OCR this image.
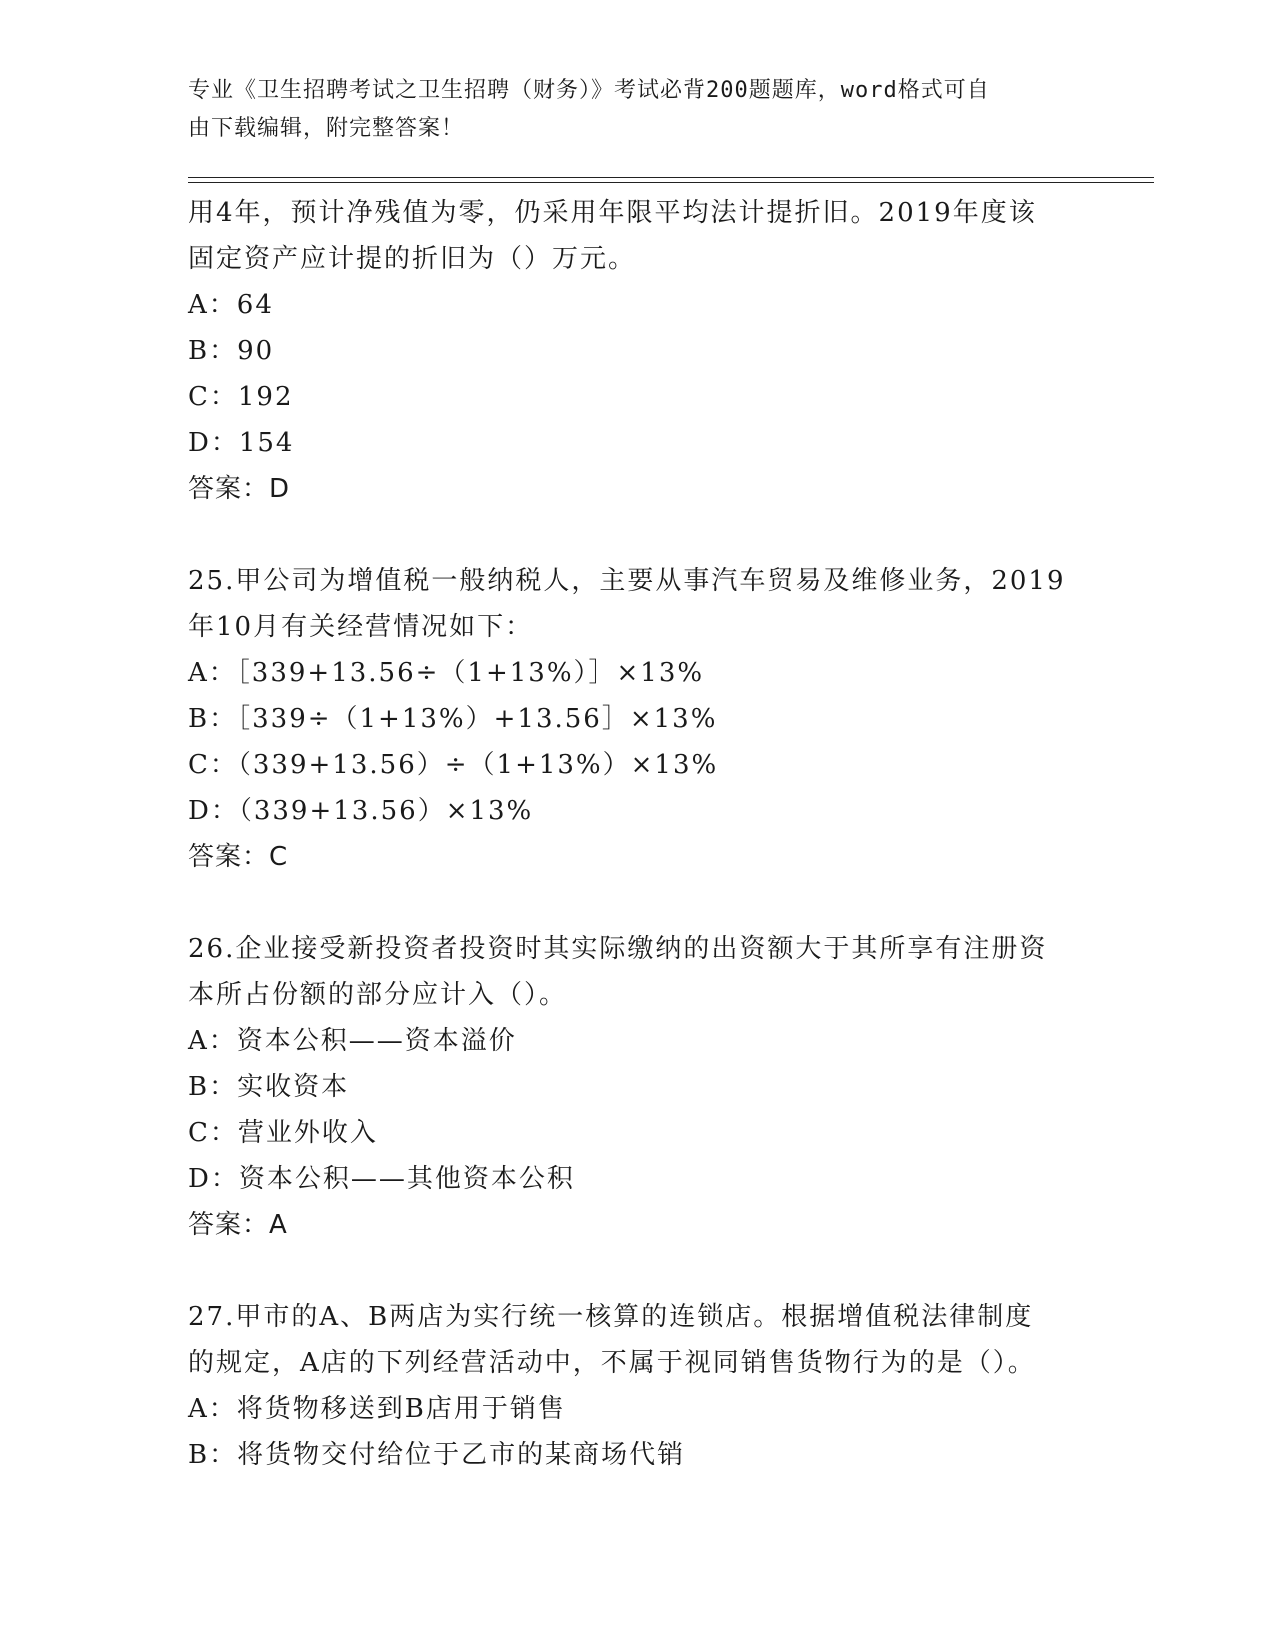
专业《卫生招聘考试之卫生招聘（财务）》考试必背200题题库，word格式可自
由下载编辑，附完整答案！
用4年，预计净残值为零，仍采用年限平均法计提折旧。2019年度该
固定资产应计提的折旧为（）万元。
A：64
B：90
C：192
D：154
答案：D
25.甲公司为增值税一般纳税人，主要从事汽车贸易及维修业务，2019
年10月有关经营情况如下：
A：［339+13.56÷（1+13%）］×13%
B：［339÷（1+13%）+13.56］×13%
C：（339+13.56）÷（1+13%）×13%
D：（339+13.56）×13%
答案：C
26.企业接受新投资者投资时其实际缴纳的出资额大于其所享有注册资
本所占份额的部分应计入（）。
A：资本公积——资本溢价
B：实收资本
C：营业外收入
D：资本公积——其他资本公积
答案：A
27.甲市的A、B两店为实行统一核算的连锁店。根据增值税法律制度
的规定，A店的下列经营活动中，不属于视同销售货物行为的是（）。
A：将货物移送到B店用于销售
B：将货物交付给位于乙市的某商场代销
